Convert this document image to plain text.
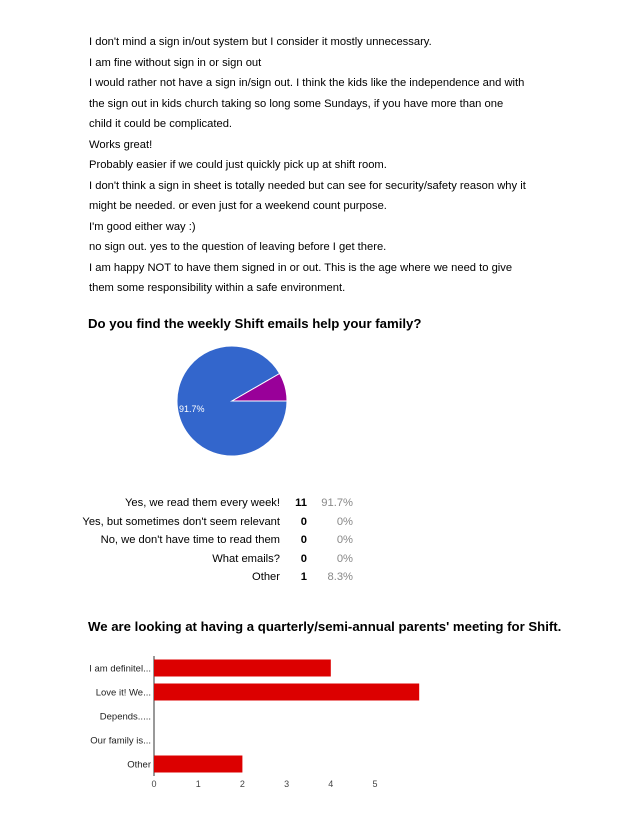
I don't mind a sign in/out system but I consider it mostly unnecessary.

I am fine without sign in or sign out

I would rather not have a sign in/sign out. I think the kids like the independence and with the sign out in kids church taking so long some Sundays, if you have more than one child it could be complicated.

Works great!

Probably easier if we could just quickly pick up at shift room.

I don't think a sign in sheet is totally needed but can see for security/safety reason why it might be needed. or even just for a weekend count purpose.

I'm good either way :)

no sign out. yes to the question of leaving before I get there.

I am happy NOT to have them signed in or out. This is the age where we need to give them some responsibility within a safe environment.

Do you find the weekly Shift emails help your family?
91.7%
Yes, we read them every week!	11	91.7%
Yes, but sometimes don't seem relevant	0	0%
No, we don't have time to read them	0	0%
What emails?	0	0%
Other	1	8.3%
We are looking at having a quarterly/semi-annual parents' meeting for Shift.
I am definitel...
Love it! We...
Depends.....
Our family is...
Other
0	1	2	3	4	5
